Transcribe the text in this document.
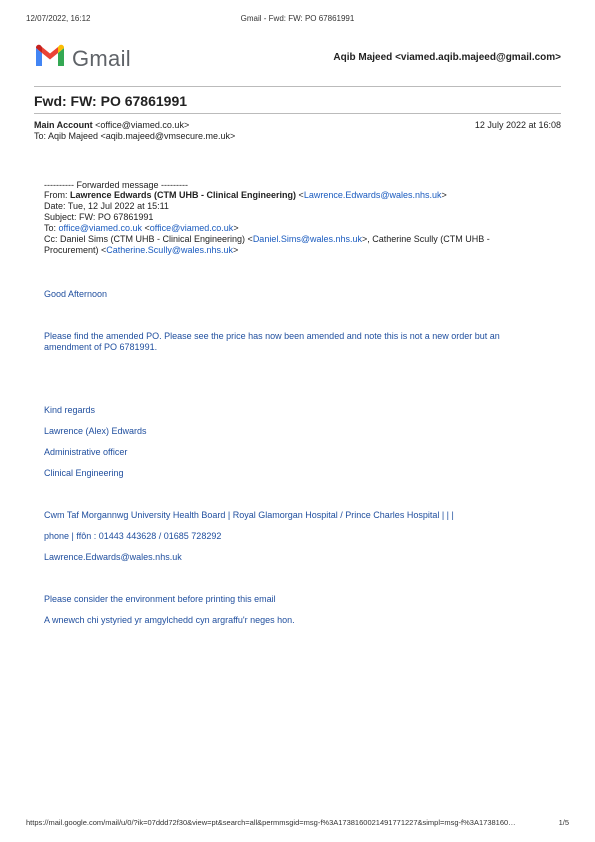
12/07/2022, 16:12	Gmail - Fwd: FW: PO 67861991
Gmail	Aqib Majeed <viamed.aqib.majeed@gmail.com>
Fwd: FW: PO 67861991
Main Account <office@viamed.co.uk>
To: Aqib Majeed <aqib.majeed@vmsecure.me.uk>
12 July 2022 at 16:08
---------- Forwarded message ---------
From: Lawrence Edwards (CTM UHB - Clinical Engineering) <Lawrence.Edwards@wales.nhs.uk>
Date: Tue, 12 Jul 2022 at 15:11
Subject: FW: PO 67861991
To: office@viamed.co.uk <office@viamed.co.uk>
Cc: Daniel Sims (CTM UHB - Clinical Engineering) <Daniel.Sims@wales.nhs.uk>, Catherine Scully (CTM UHB - Procurement) <Catherine.Scully@wales.nhs.uk>
Good Afternoon
Please find the amended PO. Please see the price has now been amended and note this is not a new order but an amendment of PO 6781991.
Kind regards
Lawrence (Alex) Edwards
Administrative officer
Clinical Engineering
Cwm Taf Morgannwg University Health Board | Royal Glamorgan Hospital / Prince Charles Hospital | | |
phone | ffôn : 01443 443628 / 01685 728292
Lawrence.Edwards@wales.nhs.uk
Please consider the environment before printing this email
A wnewch chi ystyried yr amgylchedd cyn argraffu'r neges hon.
https://mail.google.com/mail/u/0/?ik=07ddd72f30&view=pt&search=all&permmsgid=msg-f%3A1738160021491771227&simpl=msg-f%3A1738160…	1/5
